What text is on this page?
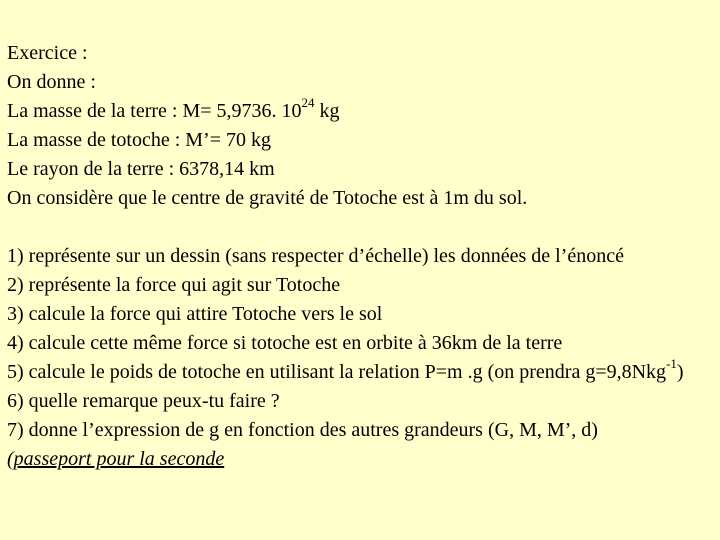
Exercice :
On donne :
La masse de la terre : M= 5,9736. $10^{24}$ kg
La masse de totoche : M’= 70 kg
Le rayon de la terre : 6378,14 km
On considère que le centre de gravité de Totoche est à 1m du sol.
1) représente sur un dessin (sans respecter d’échelle) les données de l’énoncé
2) représente la force qui agit sur Totoche
3) calcule la force qui attire Totoche vers le sol
4) calcule cette même force si totoche est en orbite à 36km de la terre
5) calcule le poids de totoche en utilisant la relation P=m .g (on prendra g=9,8Nkg$^{-1}$)
6) quelle remarque peux-tu faire ?
7) donne l’expression de g en fonction des autres grandeurs (G, M, M’, d)
(passeport pour la seconde
